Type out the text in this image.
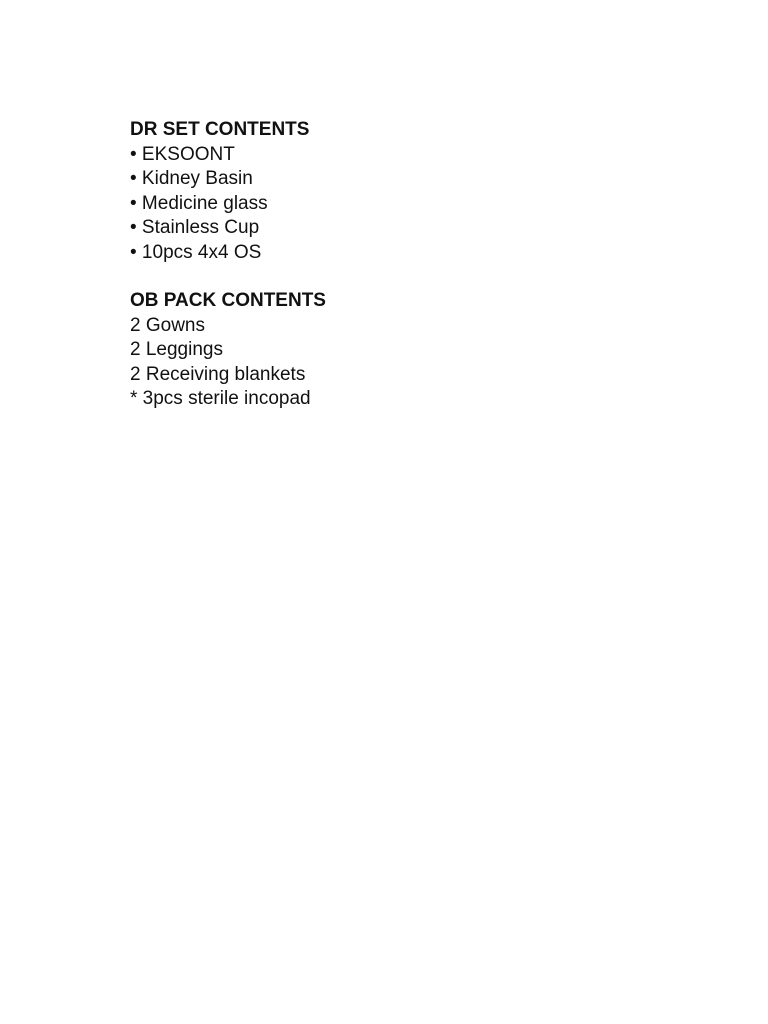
DR SET CONTENTS
• EKSOONT
• Kidney Basin
• Medicine glass
• Stainless Cup
• 10pcs 4x4 OS
OB PACK CONTENTS
2 Gowns
2 Leggings
2 Receiving blankets
* 3pcs sterile incopad
